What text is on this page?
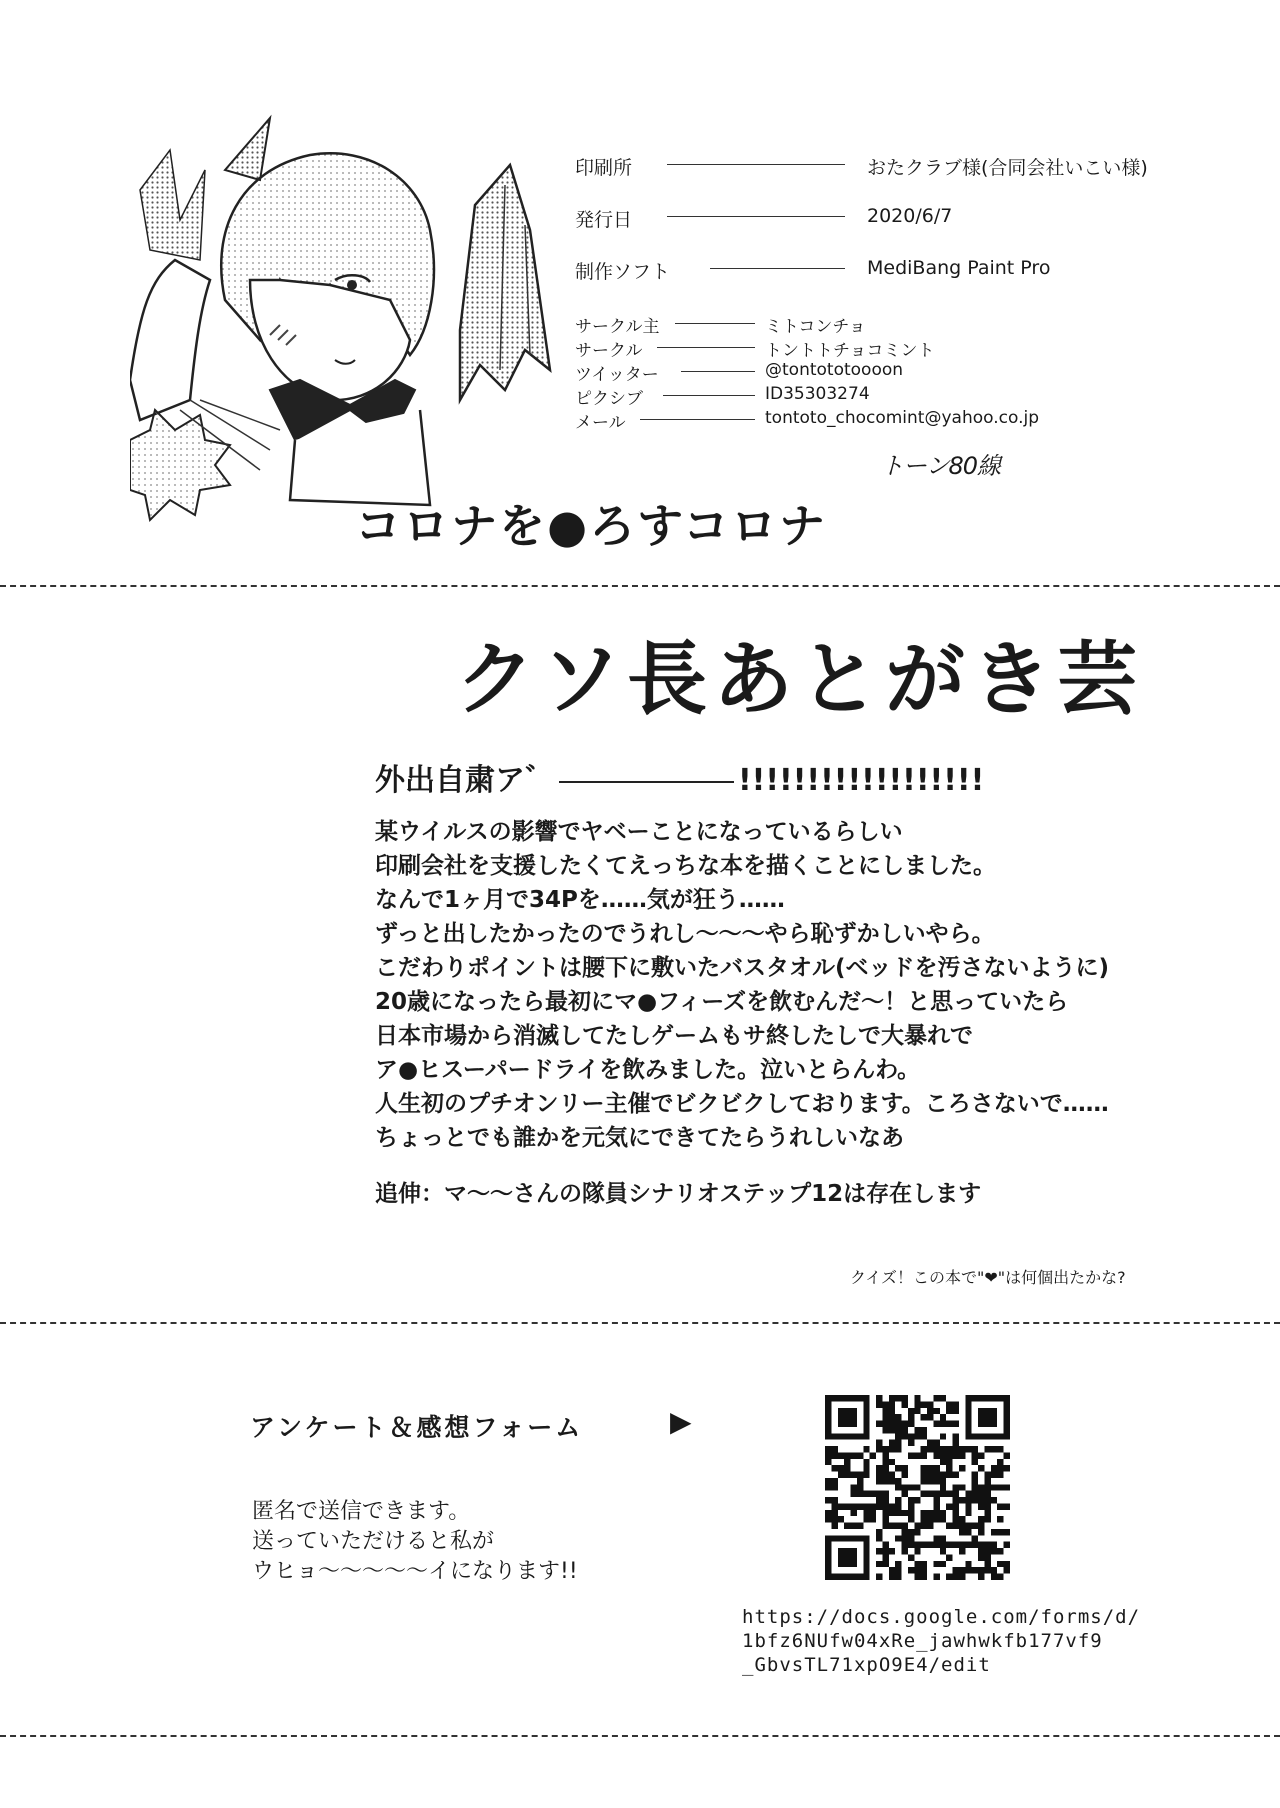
印刷所	おたクラブ様(合同会社いこい様)
発行日	2020/6/7
制作ソフト	MediBang Paint Pro
サークル主	ミトコンチョ
サークル	トントトチョコミント
ツイッター	@tontototoooon
ピクシブ	ID35303274
メール	tontoto_chocomint@yahoo.co.jp
トーン80線
コロナを●ろすコロナ
クソ長あとがき芸
外出自粛ア゛	!!!!!!!!!!!!!!!!!!
某ウイルスの影響でヤベーことになっているらしい
印刷会社を支援したくてえっちな本を描くことにしました。
なんで1ヶ月で34Pを……気が狂う……
ずっと出したかったのでうれし～～～やら恥ずかしいやら。
こだわりポイントは腰下に敷いたバスタオル(ベッドを汚さないように)
20歳になったら最初にマ●フィーズを飲むんだ～！と思っていたら
日本市場から消滅してたしゲームもサ終したしで大暴れで
ア●ヒスーパードライを飲みました。泣いとらんわ。
人生初のプチオンリー主催でビクビクしております。ころさないで……
ちょっとでも誰かを元気にできてたらうれしいなあ
追伸：マ～～さんの隊員シナリオステップ12は存在します
クイズ！この本で"❤"は何個出たかな?
アンケート＆感想フォーム	▶
匿名で送信できます。
送っていただけると私が
ウヒョ～～～～～イになります!!
https://docs.google.com/forms/d/
1bfz6NUfw04xRe_jawhwkfb177vf9
_GbvsTL71xpO9E4/edit
